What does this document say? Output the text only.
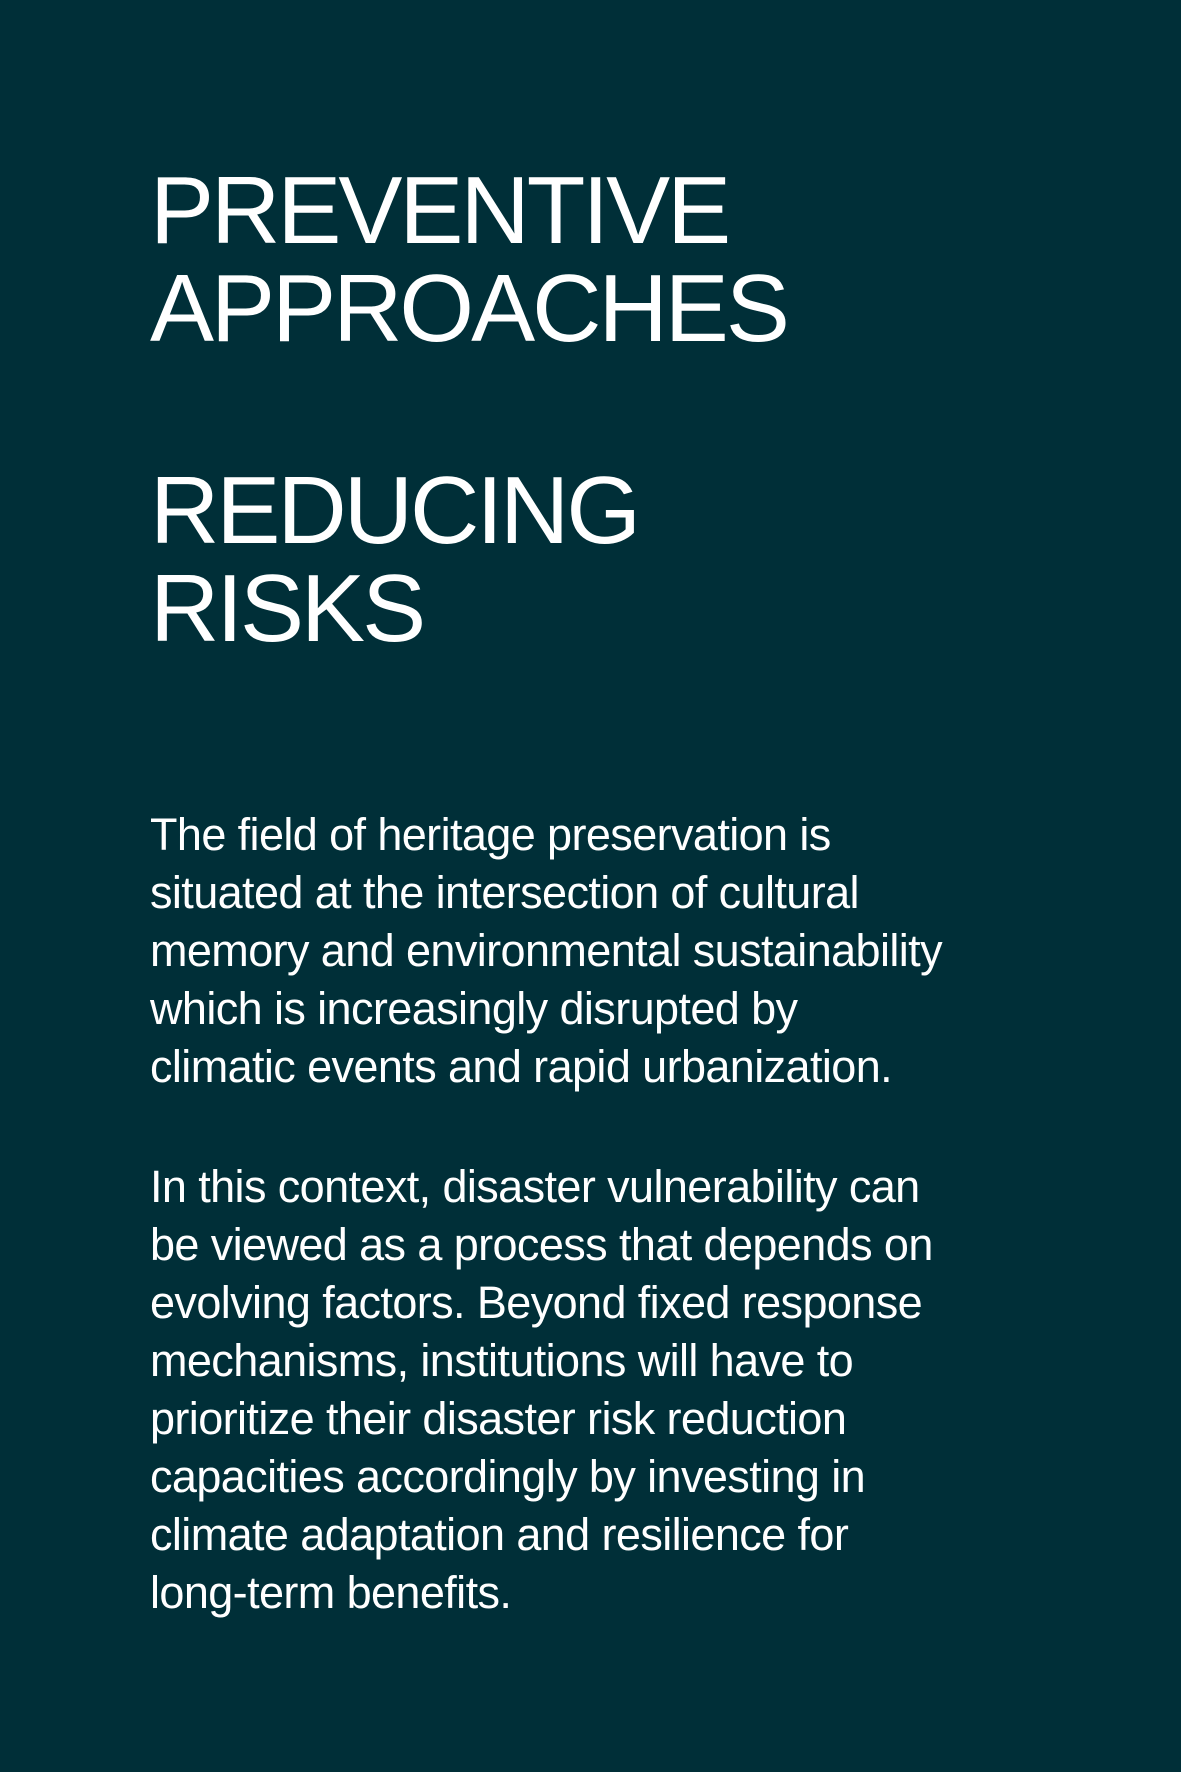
PREVENTIVE
APPROACHES
REDUCING
RISKS

The field of heritage preservation is
situated at the intersection of cultural
memory and environmental sustainability
which is increasingly disrupted by
climatic events and rapid urbanization.

In this context, disaster vulnerability can
be viewed as a process that depends on
evolving factors. Beyond fixed response
mechanisms, institutions will have to
prioritize their disaster risk reduction
capacities accordingly by investing in
climate adaptation and resilience for
long-term benefits.
